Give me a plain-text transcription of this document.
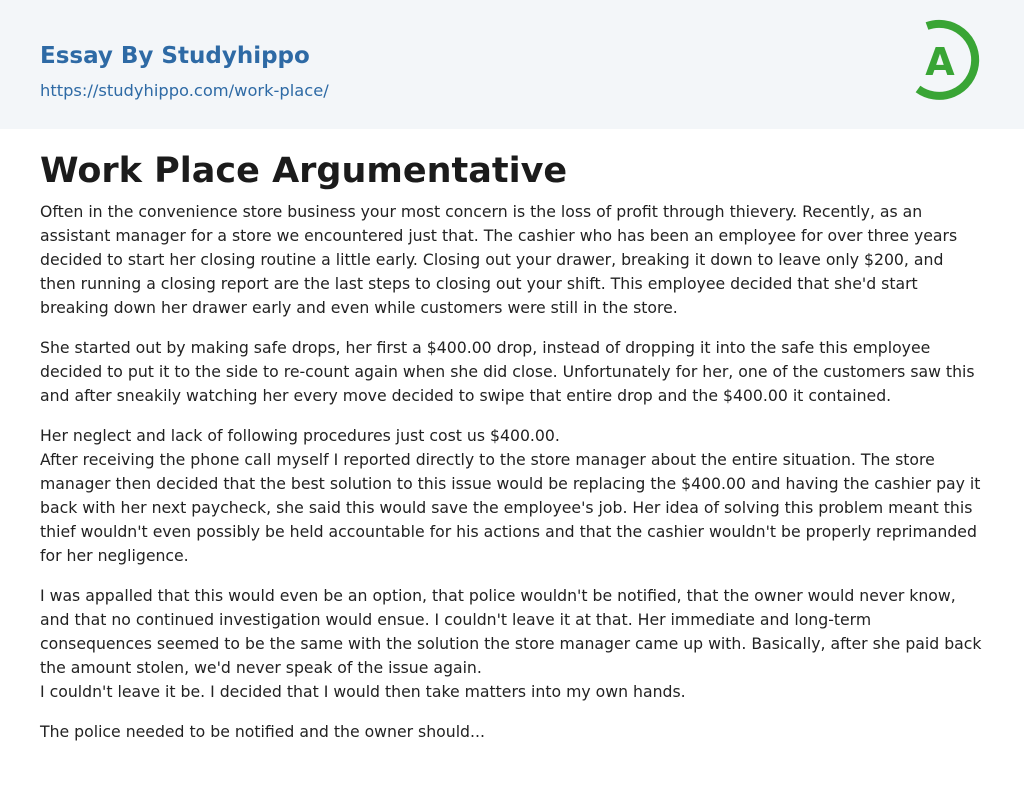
Essay By Studyhippo
https://studyhippo.com/work-place/
A
Work Place Argumentative

Often in the convenience store business your most concern is the loss of profit through thievery. Recently, as an assistant manager for a store we encountered just that. The cashier who has been an employee for over three years decided to start her closing routine a little early. Closing out your drawer, breaking it down to leave only $200, and then running a closing report are the last steps to closing out your shift. This employee decided that she'd start breaking down her drawer early and even while customers were still in the store.

She started out by making safe drops, her first a $400.00 drop, instead of dropping it into the safe this employee decided to put it to the side to re-count again when she did close. Unfortunately for her, one of the customers saw this and after sneakily watching her every move decided to swipe that entire drop and the $400.00 it contained.

Her neglect and lack of following procedures just cost us $400.00.
After receiving the phone call myself I reported directly to the store manager about the entire situation. The store manager then decided that the best solution to this issue would be replacing the $400.00 and having the cashier pay it back with her next paycheck, she said this would save the employee's job. Her idea of solving this problem meant this thief wouldn't even possibly be held accountable for his actions and that the cashier wouldn't be properly reprimanded for her negligence.

I was appalled that this would even be an option, that police wouldn't be notified, that the owner would never know, and that no continued investigation would ensue. I couldn't leave it at that. Her immediate and long-term consequences seemed to be the same with the solution the store manager came up with. Basically, after she paid back the amount stolen, we'd never speak of the issue again.
I couldn't leave it be. I decided that I would then take matters into my own hands.

The police needed to be notified and the owner should...
